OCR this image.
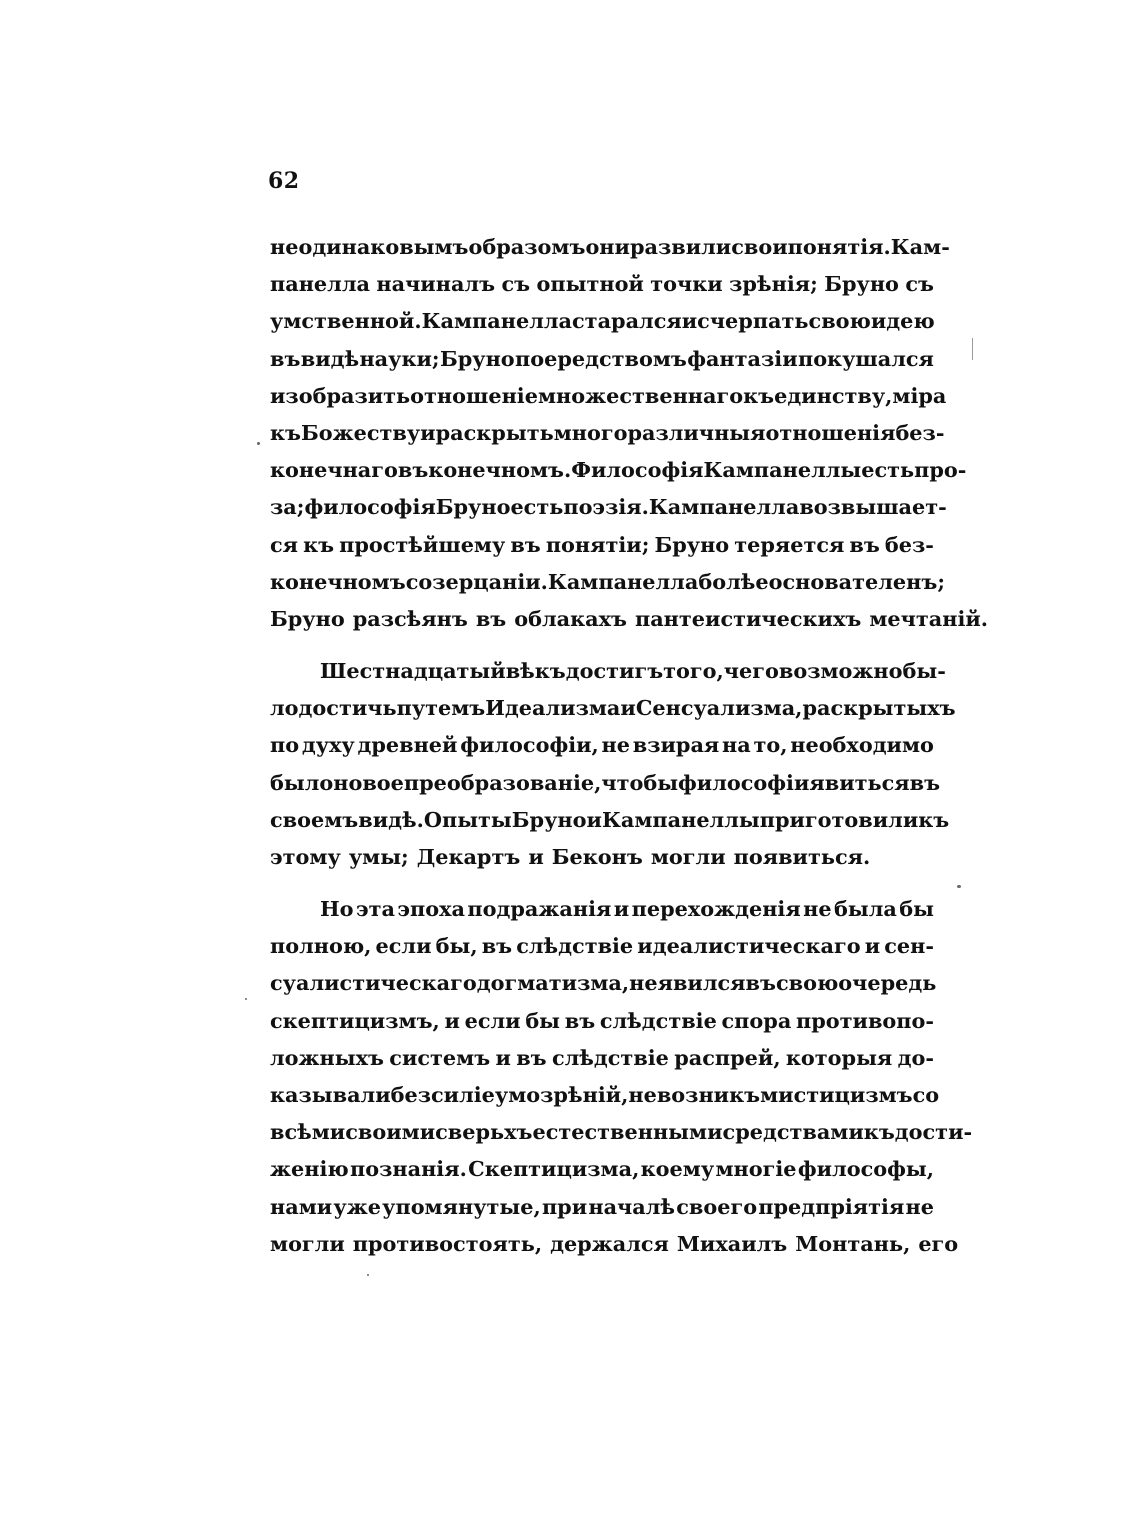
62
неодинаковымъ образомъ они развили свои понятія. Кам-
панелла начиналъ съ опытной точки зрѣнія; Бруно съ
умственной. Кампанелла старался исчерпать свою идею
въ видѣ науки; Бруно поередствомъ фантазіи покушался
изобразить отношеніе множественнаго къ единству, міра
къ Божеству и раскрыть многоразличныя отношенія без-
конечнаго въ конечномъ. Философія Кампанеллы есть про-
за; философія Бруно есть поэзія. Кампанелла возвышает-
ся къ простѣйшему въ понятіи; Бруно теряется въ без-
конечномъ созерцаніи. Кампанелла болѣе основателенъ;
Бруно разсѣянъ въ облакахъ пантеистическихъ мечтаній.
Шестнадцатый вѣкъ достигъ того, чего возможно бы-
ло достичь путемъ Идеализма и Сенсуализма, раскрытыхъ
по духу древней философіи, не взирая на то, необходимо
было новое преобразованіе, чтобы философіи явиться въ
своемъ видѣ. Опыты Бруно и Кампанеллы приготовили къ
этому умы; Декартъ и Беконъ могли появиться.
Но эта эпоха подражанія и перехожденія не была бы
полною, если бы, въ слѣдствіе идеалистическаго и сен-
суалистическаго догматизма, не явился въ свою очередь
скептицизмъ, и если бы въ слѣдствіе спора противопо-
ложныхъ системъ и въ слѣдствіе распрей, которыя до-
казывали безсиліе умозрѣній, не возникъ мистицизмъ со
всѣми своими сверьхъестественными средствами къ дости-
женію познанія. Скептицизма, коему многіе философы,
нами уже упомянутые, при началѣ своего предпріятія не
могли противостоять, держался Михаилъ Монтань, его
